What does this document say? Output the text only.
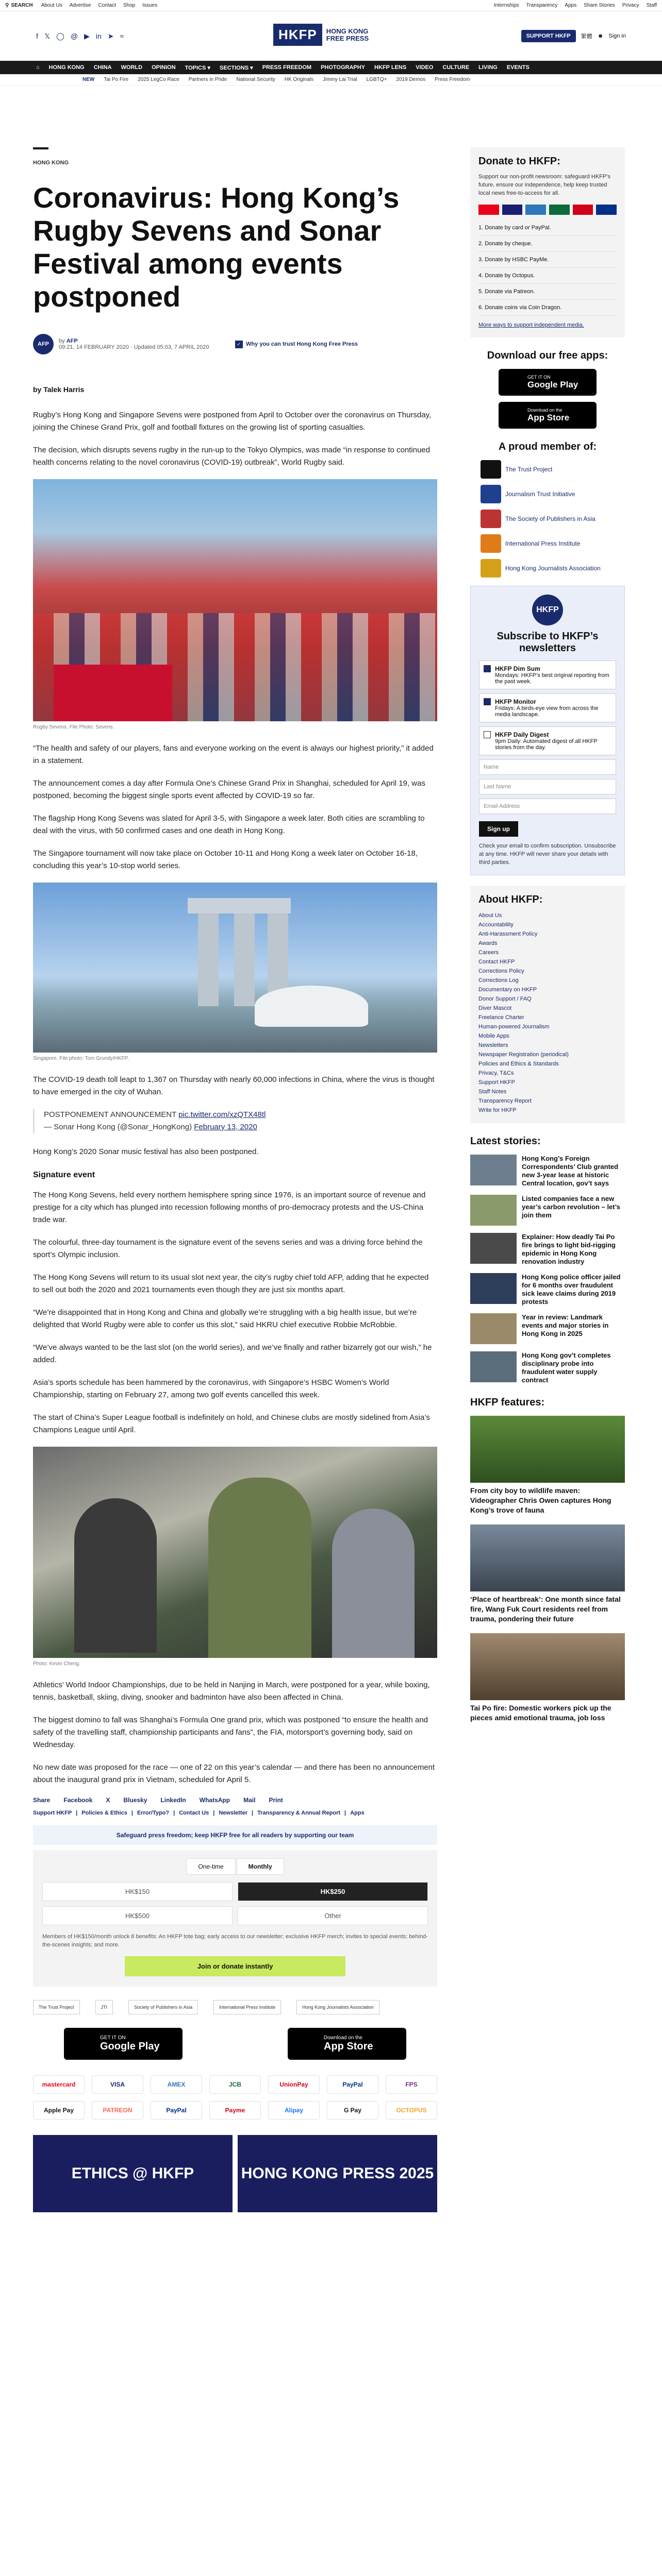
⚲ SEARCH About Us Advertise Contact Shop Issues	Internships Transparency Apps Share Stories Privacy Staff
f 𝕏 ◯ @ ▶ in ➤ ≈	HKFP	HONG KONG
FREE PRESS	SUPPORT HKFP	繁體 ☻ Sign in
⌂ HONG KONG CHINA WORLD OPINION TOPICS ▾ SECTIONS ▾ PRESS FREEDOM PHOTOGRAPHY HKFP LENS VIDEO CULTURE LIVING EVENTS
NEW Tai Po Fire 2025 LegCo Race Partners in Pride National Security HK Originals Jimmy Lai Trial LGBTQ+ 2019 Demos Press Freedom
HONG KONG
Coronavirus: Hong Kong’s Rugby Sevens and Sonar Festival among events postponed
AFP	by AFP
09:21, 14 FEBRUARY 2020 · Updated 05:03, 7 APRIL 2020
✓ Why you can trust Hong Kong Free Press
by Talek Harris

Rugby’s Hong Kong and Singapore Sevens were postponed from April to October over the coronavirus on Thursday, joining the Chinese Grand Prix, golf and football fixtures on the growing list of sporting casualties.

The decision, which disrupts sevens rugby in the run-up to the Tokyo Olympics, was made “in response to continued health concerns relating to the novel coronavirus (COVID-19) outbreak”, World Rugby said.

Rugby Sevens. File Photo: Sevens.

“The health and safety of our players, fans and everyone working on the event is always our highest priority,” it added in a statement.

The announcement comes a day after Formula One’s Chinese Grand Prix in Shanghai, scheduled for April 19, was postponed, becoming the biggest single sports event affected by COVID-19 so far.

The flagship Hong Kong Sevens was slated for April 3-5, with Singapore a week later. Both cities are scrambling to deal with the virus, with 50 confirmed cases and one death in Hong Kong.

The Singapore tournament will now take place on October 10-11 and Hong Kong a week later on October 16-18, concluding this year’s 10-stop world series.

Singapore. File photo: Tom Grundy/HKFP.

The COVID-19 death toll leapt to 1,367 on Thursday with nearly 60,000 infections in China, where the virus is thought to have emerged in the city of Wuhan.

POSTPONEMENT ANNOUNCEMENT pic.twitter.com/xzQTX48tl
— Sonar Hong Kong (@Sonar_HongKong) February 13, 2020

Hong Kong’s 2020 Sonar music festival has also been postponed.

Signature event

The Hong Kong Sevens, held every northern hemisphere spring since 1976, is an important source of revenue and prestige for a city which has plunged into recession following months of pro-democracy protests and the US-China trade war.

The colourful, three-day tournament is the signature event of the sevens series and was a driving force behind the sport’s Olympic inclusion.

The Hong Kong Sevens will return to its usual slot next year, the city’s rugby chief told AFP, adding that he expected to sell out both the 2020 and 2021 tournaments even though they are just six months apart.

“We’re disappointed that in Hong Kong and China and globally we’re struggling with a big health issue, but we’re delighted that World Rugby were able to confer us this slot,” said HKRU chief executive Robbie McRobbie.

“We’ve always wanted to be the last slot (on the world series), and we’ve finally and rather bizarrely got our wish,” he added.

Asia’s sports schedule has been hammered by the coronavirus, with Singapore’s HSBC Women’s World Championship, starting on February 27, among two golf events cancelled this week.

The start of China’s Super League football is indefinitely on hold, and Chinese clubs are mostly sidelined from Asia’s Champions League until April.

Photo: Kevin Cheng.

Athletics’ World Indoor Championships, due to be held in Nanjing in March, were postponed for a year, while boxing, tennis, basketball, skiing, diving, snooker and badminton have also been affected in China.

The biggest domino to fall was Shanghai’s Formula One grand prix, which was postponed “to ensure the health and safety of the travelling staff, championship participants and fans”, the FIA, motorsport’s governing body, said on Wednesday.

No new date was proposed for the race — one of 22 on this year’s calendar — and there has been no announcement about the inaugural grand prix in Vietnam, scheduled for April 5.

Share Facebook X Bluesky LinkedIn WhatsApp Mail Print
Support HKFP | Policies & Ethics | Error/Typo? | Contact Us | Newsletter | Transparency & Annual Report | Apps
Safeguard press freedom; keep HKFP free for all readers by supporting our team
One-time	Monthly
HK$150	HK$250
HK$500	Other
Members of HK$150/month unlock 8 benefits: An HKFP tote bag; early access to our newsletter; exclusive HKFP merch; invites to special events; behind-the-scenes insights; and more.
Join or donate instantly
The Trust Project	JTI	Society of Publishers in Asia	International Press Institute	Hong Kong Journalists Association
GET IT ON
Google Play
Download on the
App Store
mastercard	VISA	AMEX	JCB	UnionPay	PayPal	FPS
Apple Pay	PATREON	PayPal	Payme	Alipay	G Pay	OCTOPUS
ETHICS @ HKFP	HONG KONG PRESS 2025
Donate to HKFP:
Support our non-profit newsroom: safeguard HKFP’s future, ensure our independence, help keep trusted local news free-to-access for all.
1. Donate by card or PayPal.
2. Donate by cheque.
3. Donate by HSBC PayMe.
4. Donate by Octopus.
5. Donate via Patreon.
6. Donate coins via Coin Dragon.
More ways to support independent media.
Download our free apps:
GET IT ON
Google Play
Download on the
App Store
A proud member of:
The Trust Project
Journalism Trust Initiative
The Society of Publishers in Asia
International Press Institute
Hong Kong Journalists Association
HKFP
Subscribe to HKFP’s newsletters
HKFP Dim Sum
Mondays: HKFP’s best original reporting from the past week.
HKFP Monitor
Fridays: A birds-eye view from across the media landscape.
HKFP Daily Digest
9pm Daily: Automated digest of all HKFP stories from the day.
Name
Last Name
Email Address
Sign up
Check your email to confirm subscription. Unsubscribe at any time. HKFP will never share your details with third parties.
About HKFP:
About Us
Accountability
Anti-Harassment Policy
Awards
Careers
Contact HKFP
Corrections Policy
Corrections Log
Documentary on HKFP
Donor Support / FAQ
Diver Mascot
Freelance Charter
Human-powered Journalism
Mobile Apps
Newsletters
Newspaper Registration (periodical)
Policies and Ethics & Standards
Privacy, T&Cs
Support HKFP
Staff Notes
Transparency Report
Write for HKFP
Latest stories:
Hong Kong’s Foreign Correspondents’ Club granted new 3-year lease at historic Central location, gov’t says
Listed companies face a new year’s carbon revolution – let’s join them
Explainer: How deadly Tai Po fire brings to light bid-rigging epidemic in Hong Kong renovation industry
Hong Kong police officer jailed for 6 months over fraudulent sick leave claims during 2019 protests
Year in review: Landmark events and major stories in Hong Kong in 2025
Hong Kong gov’t completes disciplinary probe into fraudulent water supply contract
HKFP features:
From city boy to wildlife maven: Videographer Chris Owen captures Hong Kong’s trove of fauna
‘Place of heartbreak’: One month since fatal fire, Wang Fuk Court residents reel from trauma, pondering their future
Tai Po fire: Domestic workers pick up the pieces amid emotional trauma, job loss
